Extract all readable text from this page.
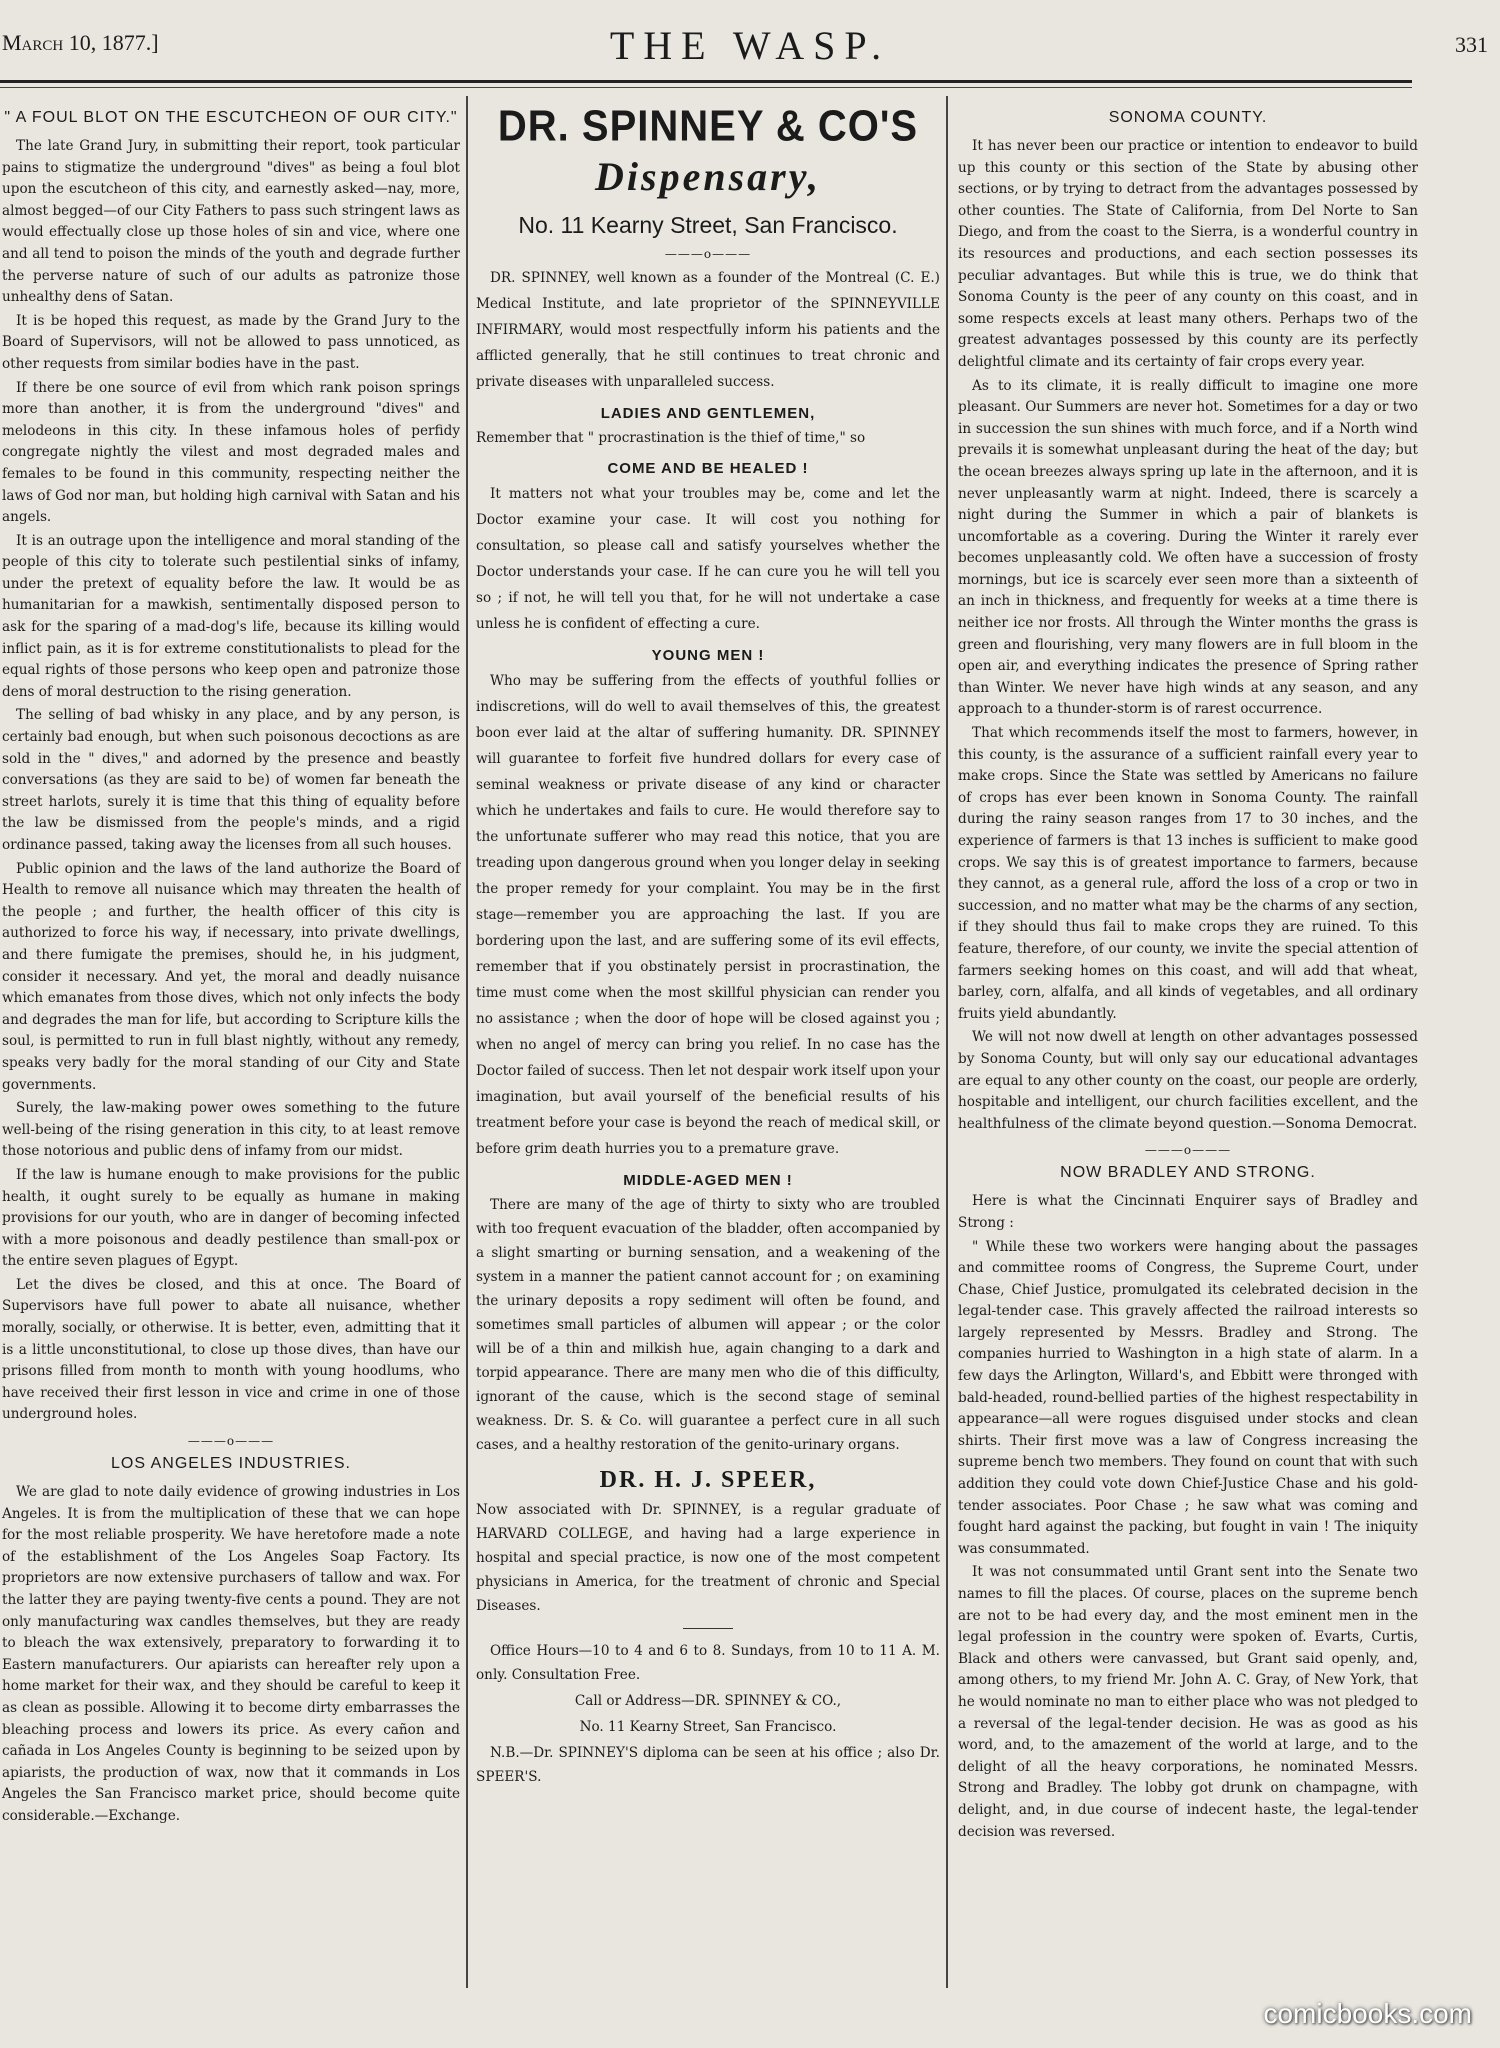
March 10, 1877.]	THE WASP.	331
" A FOUL BLOT ON THE ESCUTCHEON OF OUR CITY."

The late Grand Jury, in submitting their report, took particular pains to stigmatize the underground "dives" as being a foul blot upon the escutcheon of this city, and earnestly asked—nay, more, almost begged—of our City Fathers to pass such stringent laws as would effectually close up those holes of sin and vice, where one and all tend to poison the minds of the youth and degrade further the perverse nature of such of our adults as patronize those unhealthy dens of Satan.

It is be hoped this request, as made by the Grand Jury to the Board of Supervisors, will not be allowed to pass unnoticed, as other requests from similar bodies have in the past.

If there be one source of evil from which rank poison springs more than another, it is from the underground "dives" and melodeons in this city. In these infamous holes of perfidy congregate nightly the vilest and most degraded males and females to be found in this community, respecting neither the laws of God nor man, but holding high carnival with Satan and his angels.

It is an outrage upon the intelligence and moral standing of the people of this city to tolerate such pestilential sinks of infamy, under the pretext of equality before the law. It would be as humanitarian for a mawkish, sentimentally disposed person to ask for the sparing of a mad-dog's life, because its killing would inflict pain, as it is for extreme constitutionalists to plead for the equal rights of those persons who keep open and patronize those dens of moral destruction to the rising generation.

The selling of bad whisky in any place, and by any person, is certainly bad enough, but when such poisonous decoctions as are sold in the " dives," and adorned by the presence and beastly conversations (as they are said to be) of women far beneath the street harlots, surely it is time that this thing of equality before the law be dismissed from the people's minds, and a rigid ordinance passed, taking away the licenses from all such houses.

Public opinion and the laws of the land authorize the Board of Health to remove all nuisance which may threaten the health of the people ; and further, the health officer of this city is authorized to force his way, if necessary, into private dwellings, and there fumigate the premises, should he, in his judgment, consider it necessary. And yet, the moral and deadly nuisance which emanates from those dives, which not only infects the body and degrades the man for life, but according to Scripture kills the soul, is permitted to run in full blast nightly, without any remedy, speaks very badly for the moral standing of our City and State governments.

Surely, the law-making power owes something to the future well-being of the rising generation in this city, to at least remove those notorious and public dens of infamy from our midst.

If the law is humane enough to make provisions for the public health, it ought surely to be equally as humane in making provisions for our youth, who are in danger of becoming infected with a more poisonous and deadly pestilence than small-pox or the entire seven plagues of Egypt.

Let the dives be closed, and this at once. The Board of Supervisors have full power to abate all nuisance, whether morally, socially, or otherwise. It is better, even, admitting that it is a little unconstitutional, to close up those dives, than have our prisons filled from month to month with young hoodlums, who have received their first lesson in vice and crime in one of those underground holes.

———o———
LOS ANGELES INDUSTRIES.

We are glad to note daily evidence of growing industries in Los Angeles. It is from the multiplication of these that we can hope for the most reliable prosperity. We have heretofore made a note of the establishment of the Los Angeles Soap Factory. Its proprietors are now extensive purchasers of tallow and wax. For the latter they are paying twenty-five cents a pound. They are not only manufacturing wax candles themselves, but they are ready to bleach the wax extensively, preparatory to forwarding it to Eastern manufacturers. Our apiarists can hereafter rely upon a home market for their wax, and they should be careful to keep it as clean as possible. Allowing it to become dirty embarrasses the bleaching process and lowers its price. As every cañon and cañada in Los Angeles County is beginning to be seized upon by apiarists, the production of wax, now that it commands in Los Angeles the San Francisco market price, should become quite considerable.—Exchange.

DR. SPINNEY & CO'S
Dispensary,
No. 11 Kearny Street, San Francisco.
———o———

DR. SPINNEY, well known as a founder of the Montreal (C. E.) Medical Institute, and late proprietor of the SPINNEYVILLE INFIRMARY, would most respectfully inform his patients and the afflicted generally, that he still continues to treat chronic and private diseases with unparalleled success.

LADIES AND GENTLEMEN,

Remember that " procrastination is the thief of time," so

COME AND BE HEALED !

It matters not what your troubles may be, come and let the Doctor examine your case. It will cost you nothing for consultation, so please call and satisfy yourselves whether the Doctor understands your case. If he can cure you he will tell you so ; if not, he will tell you that, for he will not undertake a case unless he is confident of effecting a cure.

YOUNG MEN !

Who may be suffering from the effects of youthful follies or indiscretions, will do well to avail themselves of this, the greatest boon ever laid at the altar of suffering humanity. DR. SPINNEY will guarantee to forfeit five hundred dollars for every case of seminal weakness or private disease of any kind or character which he undertakes and fails to cure. He would therefore say to the unfortunate sufferer who may read this notice, that you are treading upon dangerous ground when you longer delay in seeking the proper remedy for your complaint. You may be in the first stage—remember you are approaching the last. If you are bordering upon the last, and are suffering some of its evil effects, remember that if you obstinately persist in procrastination, the time must come when the most skillful physician can render you no assistance ; when the door of hope will be closed against you ; when no angel of mercy can bring you relief. In no case has the Doctor failed of success. Then let not despair work itself upon your imagination, but avail yourself of the beneficial results of his treatment before your case is beyond the reach of medical skill, or before grim death hurries you to a premature grave.

MIDDLE-AGED MEN !

There are many of the age of thirty to sixty who are troubled with too frequent evacuation of the bladder, often accompanied by a slight smarting or burning sensation, and a weakening of the system in a manner the patient cannot account for ; on examining the urinary deposits a ropy sediment will often be found, and sometimes small particles of albumen will appear ; or the color will be of a thin and milkish hue, again changing to a dark and torpid appearance. There are many men who die of this difficulty, ignorant of the cause, which is the second stage of seminal weakness. Dr. S. & Co. will guarantee a perfect cure in all such cases, and a healthy restoration of the genito-urinary organs.

DR. H. J. SPEER,

Now associated with Dr. SPINNEY, is a regular graduate of HARVARD COLLEGE, and having had a large experience in hospital and special practice, is now one of the most competent physicians in America, for the treatment of chronic and Special Diseases.

Office Hours—10 to 4 and 6 to 8. Sundays, from 10 to 11 A. M. only. Consultation Free.

Call or Address—DR. SPINNEY & CO.,

No. 11 Kearny Street, San Francisco.

N.B.—Dr. SPINNEY'S diploma can be seen at his office ; also Dr. SPEER'S.

SONOMA COUNTY.

It has never been our practice or intention to endeavor to build up this county or this section of the State by abusing other sections, or by trying to detract from the advantages possessed by other counties. The State of California, from Del Norte to San Diego, and from the coast to the Sierra, is a wonderful country in its resources and productions, and each section possesses its peculiar advantages. But while this is true, we do think that Sonoma County is the peer of any county on this coast, and in some respects excels at least many others. Perhaps two of the greatest advantages possessed by this county are its perfectly delightful climate and its certainty of fair crops every year.

As to its climate, it is really difficult to imagine one more pleasant. Our Summers are never hot. Sometimes for a day or two in succession the sun shines with much force, and if a North wind prevails it is somewhat unpleasant during the heat of the day; but the ocean breezes always spring up late in the afternoon, and it is never unpleasantly warm at night. Indeed, there is scarcely a night during the Summer in which a pair of blankets is uncomfortable as a covering. During the Winter it rarely ever becomes unpleasantly cold. We often have a succession of frosty mornings, but ice is scarcely ever seen more than a sixteenth of an inch in thickness, and frequently for weeks at a time there is neither ice nor frosts. All through the Winter months the grass is green and flourishing, very many flowers are in full bloom in the open air, and everything indicates the presence of Spring rather than Winter. We never have high winds at any season, and any approach to a thunder-storm is of rarest occurrence.

That which recommends itself the most to farmers, however, in this county, is the assurance of a sufficient rainfall every year to make crops. Since the State was settled by Americans no failure of crops has ever been known in Sonoma County. The rainfall during the rainy season ranges from 17 to 30 inches, and the experience of farmers is that 13 inches is sufficient to make good crops. We say this is of greatest importance to farmers, because they cannot, as a general rule, afford the loss of a crop or two in succession, and no matter what may be the charms of any section, if they should thus fail to make crops they are ruined. To this feature, therefore, of our county, we invite the special attention of farmers seeking homes on this coast, and will add that wheat, barley, corn, alfalfa, and all kinds of vegetables, and all ordinary fruits yield abundantly.

We will not now dwell at length on other advantages possessed by Sonoma County, but will only say our educational advantages are equal to any other county on the coast, our people are orderly, hospitable and intelligent, our church facilities excellent, and the healthfulness of the climate beyond question.—Sonoma Democrat.

———o———
NOW BRADLEY AND STRONG.

Here is what the Cincinnati Enquirer says of Bradley and Strong :

" While these two workers were hanging about the passages and committee rooms of Congress, the Supreme Court, under Chase, Chief Justice, promulgated its celebrated decision in the legal-tender case. This gravely affected the railroad interests so largely represented by Messrs. Bradley and Strong. The companies hurried to Washington in a high state of alarm. In a few days the Arlington, Willard's, and Ebbitt were thronged with bald-headed, round-bellied parties of the highest respectability in appearance—all were rogues disguised under stocks and clean shirts. Their first move was a law of Congress increasing the supreme bench two members. They found on count that with such addition they could vote down Chief-Justice Chase and his gold-tender associates. Poor Chase ; he saw what was coming and fought hard against the packing, but fought in vain ! The iniquity was consummated.

It was not consummated until Grant sent into the Senate two names to fill the places. Of course, places on the supreme bench are not to be had every day, and the most eminent men in the legal profession in the country were spoken of. Evarts, Curtis, Black and others were canvassed, but Grant said openly, and, among others, to my friend Mr. John A. C. Gray, of New York, that he would nominate no man to either place who was not pledged to a reversal of the legal-tender decision. He was as good as his word, and, to the amazement of the world at large, and to the delight of all the heavy corporations, he nominated Messrs. Strong and Bradley. The lobby got drunk on champagne, with delight, and, in due course of indecent haste, the legal-tender decision was reversed.

comicbooks.com
